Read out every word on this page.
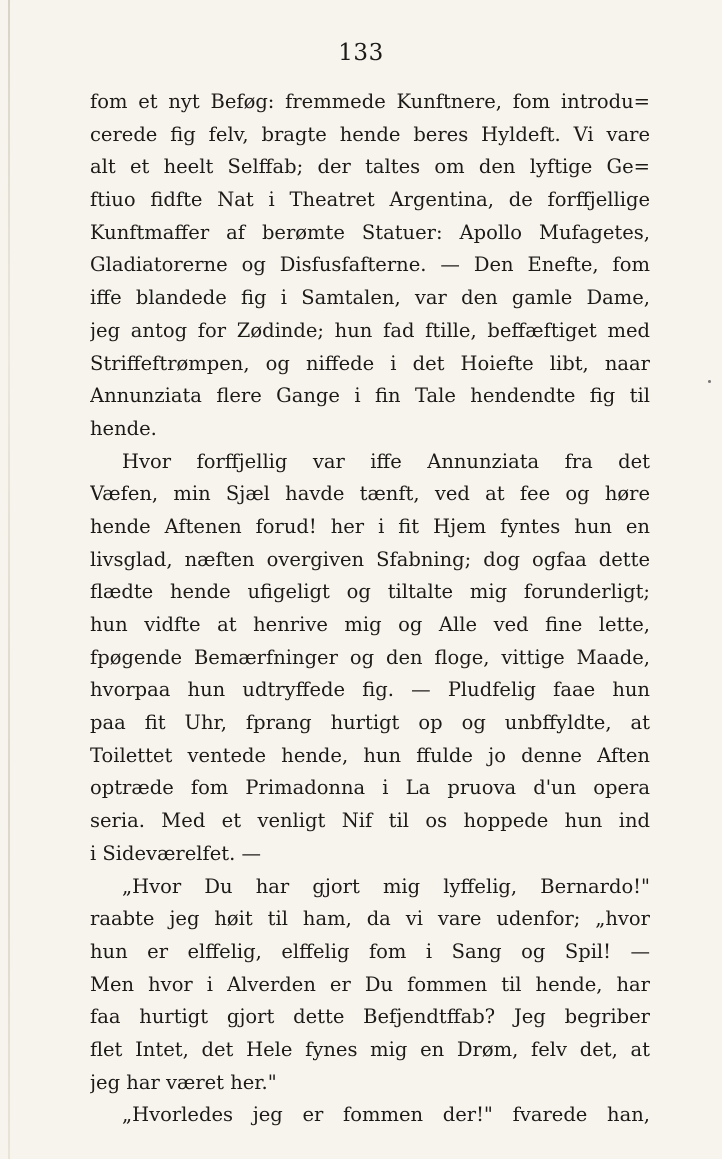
133
fom et nyt Beføg: fremmede Kunftnere, fom introdu=
cerede fig felv, bragte hende beres Hyldeft. Vi vare
alt et heelt Selffab; der taltes om den lyftige Ge=
ftiuo fidfte Nat i Theatret Argentina, de forffjellige
Kunftmaffer af berømte Statuer: Apollo Mufagetes,
Gladiatorerne og Disfusfafterne. — Den Enefte, fom
iffe blandede fig i Samtalen, var den gamle Dame,
jeg antog for Zødinde; hun fad ftille, beffæftiget med
Striffeftrømpen, og niffede i det Hoiefte libt, naar
Annunziata flere Gange i fin Tale hendendte fig til
hende.
Hvor forffjellig var iffe Annunziata fra det
Væfen, min Sjæl havde tænft, ved at fee og høre
hende Aftenen forud! her i fit Hjem fyntes hun en
livsglad, næften overgiven Sfabning; dog ogfaa dette
flædte hende ufigeligt og tiltalte mig forunderligt;
hun vidfte at henrive mig og Alle ved fine lette,
fpøgende Bemærfninger og den floge, vittige Maade,
hvorpaa hun udtryffede fig. — Pludfelig faae hun
paa fit Uhr, fprang hurtigt op og unbffyldte, at
Toilettet ventede hende, hun ffulde jo denne Aften
optræde fom Primadonna i La pruova d'un opera
seria. Med et venligt Nif til os hoppede hun ind
i Sideværelfet. —
„Hvor Du har gjort mig lyffelig, Bernardo!"
raabte jeg høit til ham, da vi vare udenfor; „hvor
hun er elffelig, elffelig fom i Sang og Spil! —
Men hvor i Alverden er Du fommen til hende, har
faa hurtigt gjort dette Befjendtffab? Jeg begriber
flet Intet, det Hele fynes mig en Drøm, felv det, at
jeg har været her."
„Hvorledes jeg er fommen der!" fvarede han,
